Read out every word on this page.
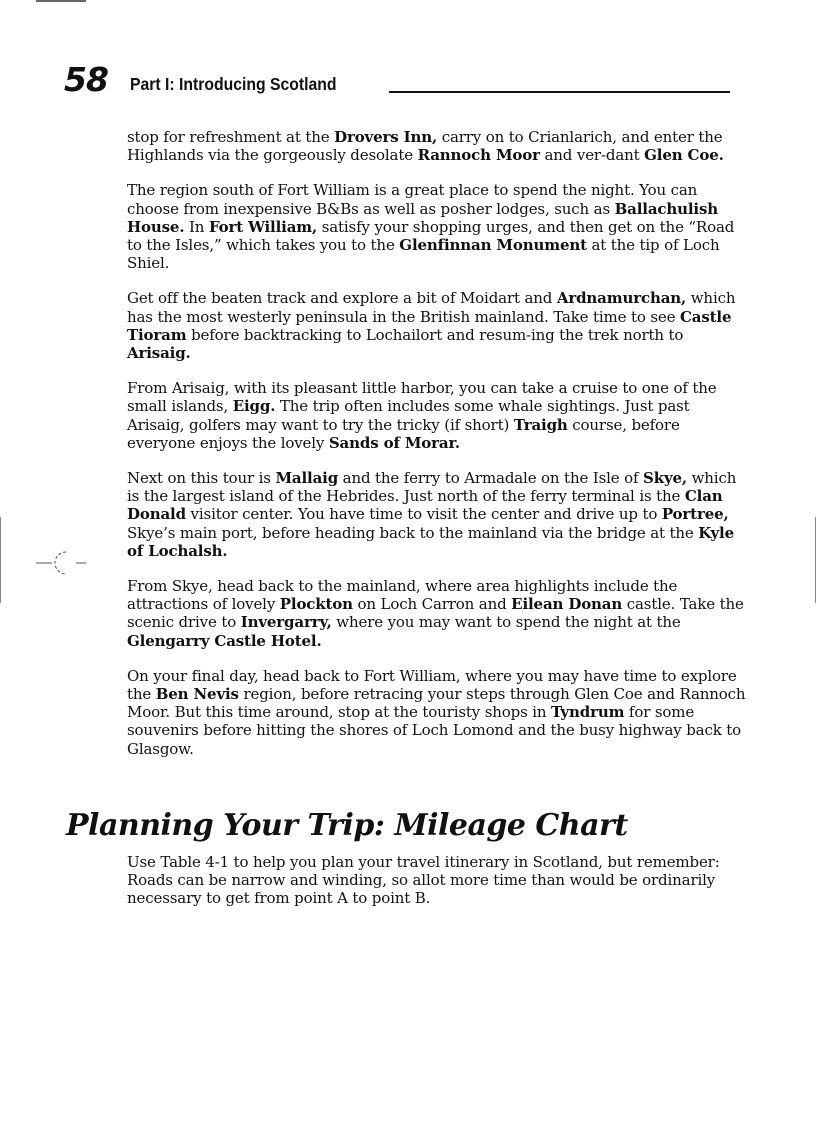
58 Part I: Introducing Scotland

stop for refreshment at the Drovers Inn, carry on to Crianlarich, and enter the Highlands via the gorgeously desolate Rannoch Moor and ver-dant Glen Coe.

The region south of Fort William is a great place to spend the night. You can choose from inexpensive B&Bs as well as posher lodges, such as Ballachulish House. In Fort William, satisfy your shopping urges, and then get on the “Road to the Isles,” which takes you to the Glenfinnan Monument at the tip of Loch Shiel.

Get off the beaten track and explore a bit of Moidart and Ardnamurchan, which has the most westerly peninsula in the British mainland. Take time to see Castle Tioram before backtracking to Lochailort and resum-ing the trek north to Arisaig.

From Arisaig, with its pleasant little harbor, you can take a cruise to one of the small islands, Eigg. The trip often includes some whale sightings. Just past Arisaig, golfers may want to try the tricky (if short) Traigh course, before everyone enjoys the lovely Sands of Morar.

Next on this tour is Mallaig and the ferry to Armadale on the Isle of Skye, which is the largest island of the Hebrides. Just north of the ferry terminal is the Clan Donald visitor center. You have time to visit the center and drive up to Portree, Skye’s main port, before heading back to the mainland via the bridge at the Kyle of Lochalsh.

From Skye, head back to the mainland, where area highlights include the attractions of lovely Plockton on Loch Carron and Eilean Donan castle. Take the scenic drive to Invergarry, where you may want to spend the night at the Glengarry Castle Hotel.

On your final day, head back to Fort William, where you may have time to explore the Ben Nevis region, before retracing your steps through Glen Coe and Rannoch Moor. But this time around, stop at the touristy shops in Tyndrum for some souvenirs before hitting the shores of Loch Lomond and the busy highway back to Glasgow.

Planning Your Trip: Mileage Chart

Use Table 4-1 to help you plan your travel itinerary in Scotland, but remember: Roads can be narrow and winding, so allot more time than would be ordinarily necessary to get from point A to point B.
